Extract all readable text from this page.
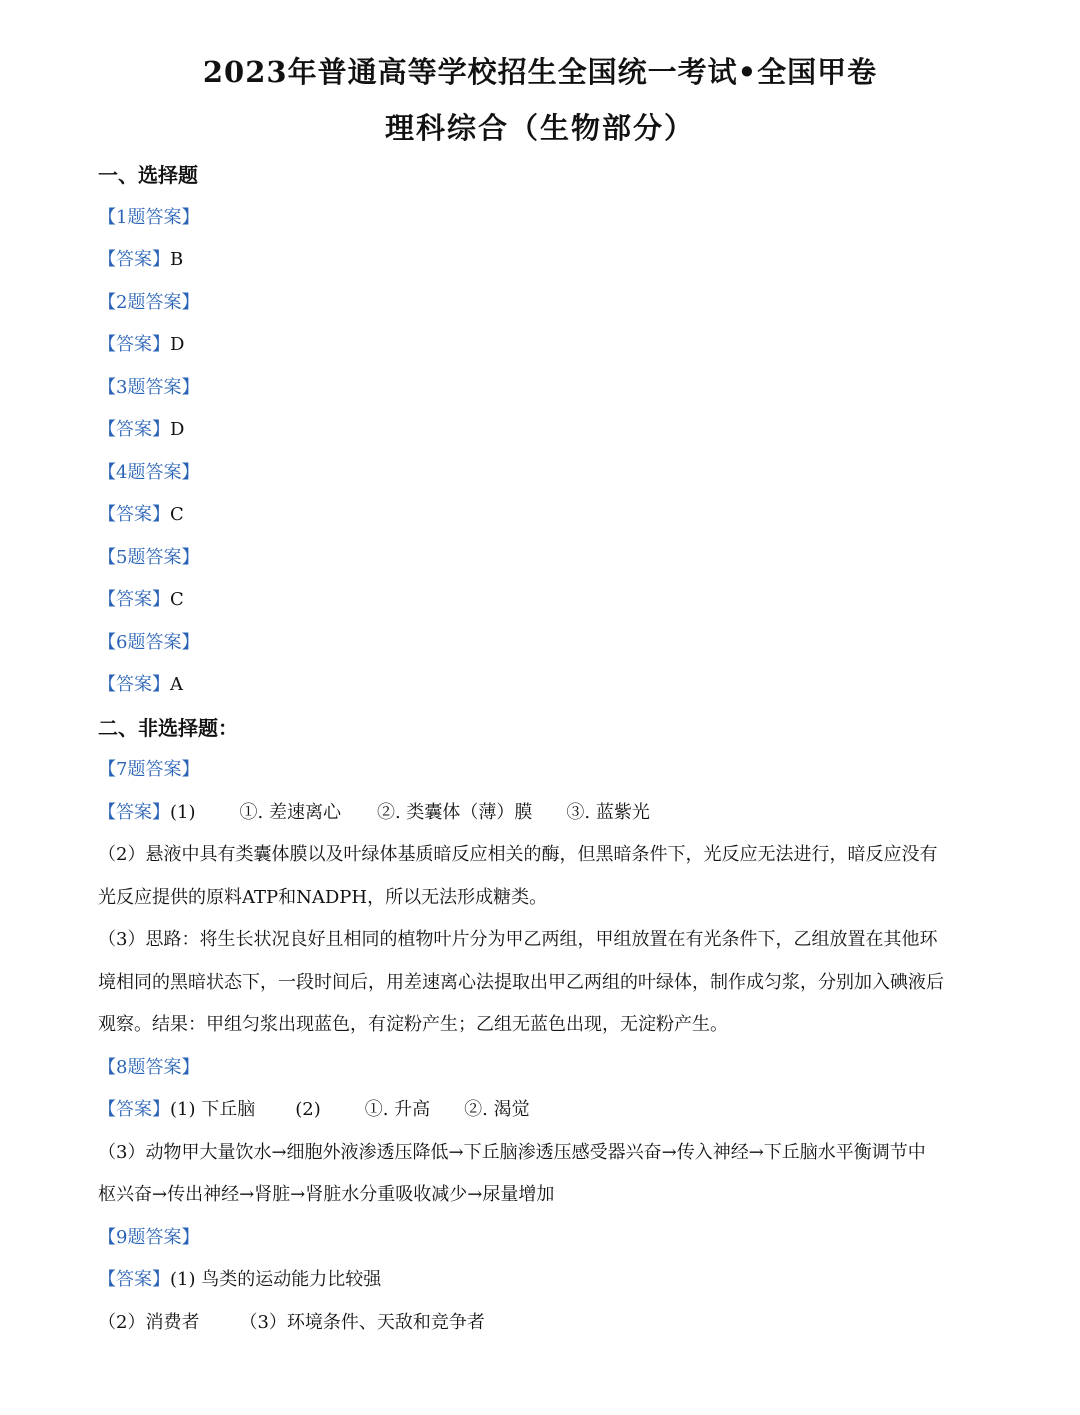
2023年普通高等学校招生全国统一考试•全国甲卷
理科综合（生物部分）
一、选择题
【1题答案】
【答案】B
【2题答案】
【答案】D
【3题答案】
【答案】D
【4题答案】
【答案】C
【5题答案】
【答案】C
【6题答案】
【答案】A
二、非选择题：
【7题答案】
【答案】(1) ①. 差速离心 ②. 类囊体（薄）膜 ③. 蓝紫光
（2）悬液中具有类囊体膜以及叶绿体基质暗反应相关的酶，但黑暗条件下，光反应无法进行，暗反应没有
光反应提供的原料ATP和NADPH，所以无法形成糖类。
（3）思路：将生长状况良好且相同的植物叶片分为甲乙两组，甲组放置在有光条件下，乙组放置在其他环
境相同的黑暗状态下，一段时间后，用差速离心法提取出甲乙两组的叶绿体，制作成匀浆，分别加入碘液后
观察。结果：甲组匀浆出现蓝色，有淀粉产生；乙组无蓝色出现，无淀粉产生。
【8题答案】
【答案】(1) 下丘脑 (2) ①. 升高 ②. 渴觉
（3）动物甲大量饮水→细胞外液渗透压降低→下丘脑渗透压感受器兴奋→传入神经→下丘脑水平衡调节中
枢兴奋→传出神经→肾脏→肾脏水分重吸收减少→尿量增加
【9题答案】
【答案】(1) 鸟类的运动能力比较强
（2）消费者 （3）环境条件、天敌和竞争者
